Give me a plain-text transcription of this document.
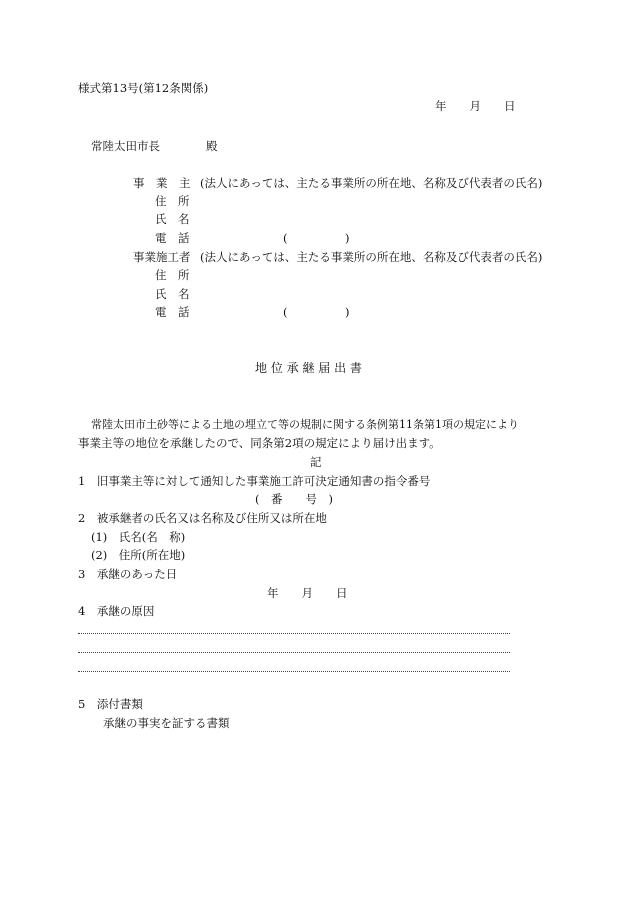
様式第13号(第12条関係)
年　　月　　日
常陸太田市長	殿
事　業　主 (法人にあっては、主たる事業所の所在地、名称及び代表者の氏名)
住　所
氏　名
電　話	(　　　　　)
事業施工者 (法人にあっては、主たる事業所の所在地、名称及び代表者の氏名)
住　所
氏　名
電　話	(　　　　　)
地 位 承 継 届 出 書
常陸太田市土砂等による土地の埋立て等の規制に関する条例第11条第1項の規定により
事業主等の地位を承継したので、同条第2項の規定により届け出ます。
記
1　旧事業主等に対して通知した事業施工許可決定通知書の指令番号
(　番　　号　)
2　被承継者の氏名又は名称及び住所又は所在地
(1)　氏名(名　称)
(2)　住所(所在地)
3　承継のあった日
年　　月　　日
4　承継の原因
5　添付書類
承継の事実を証する書類
